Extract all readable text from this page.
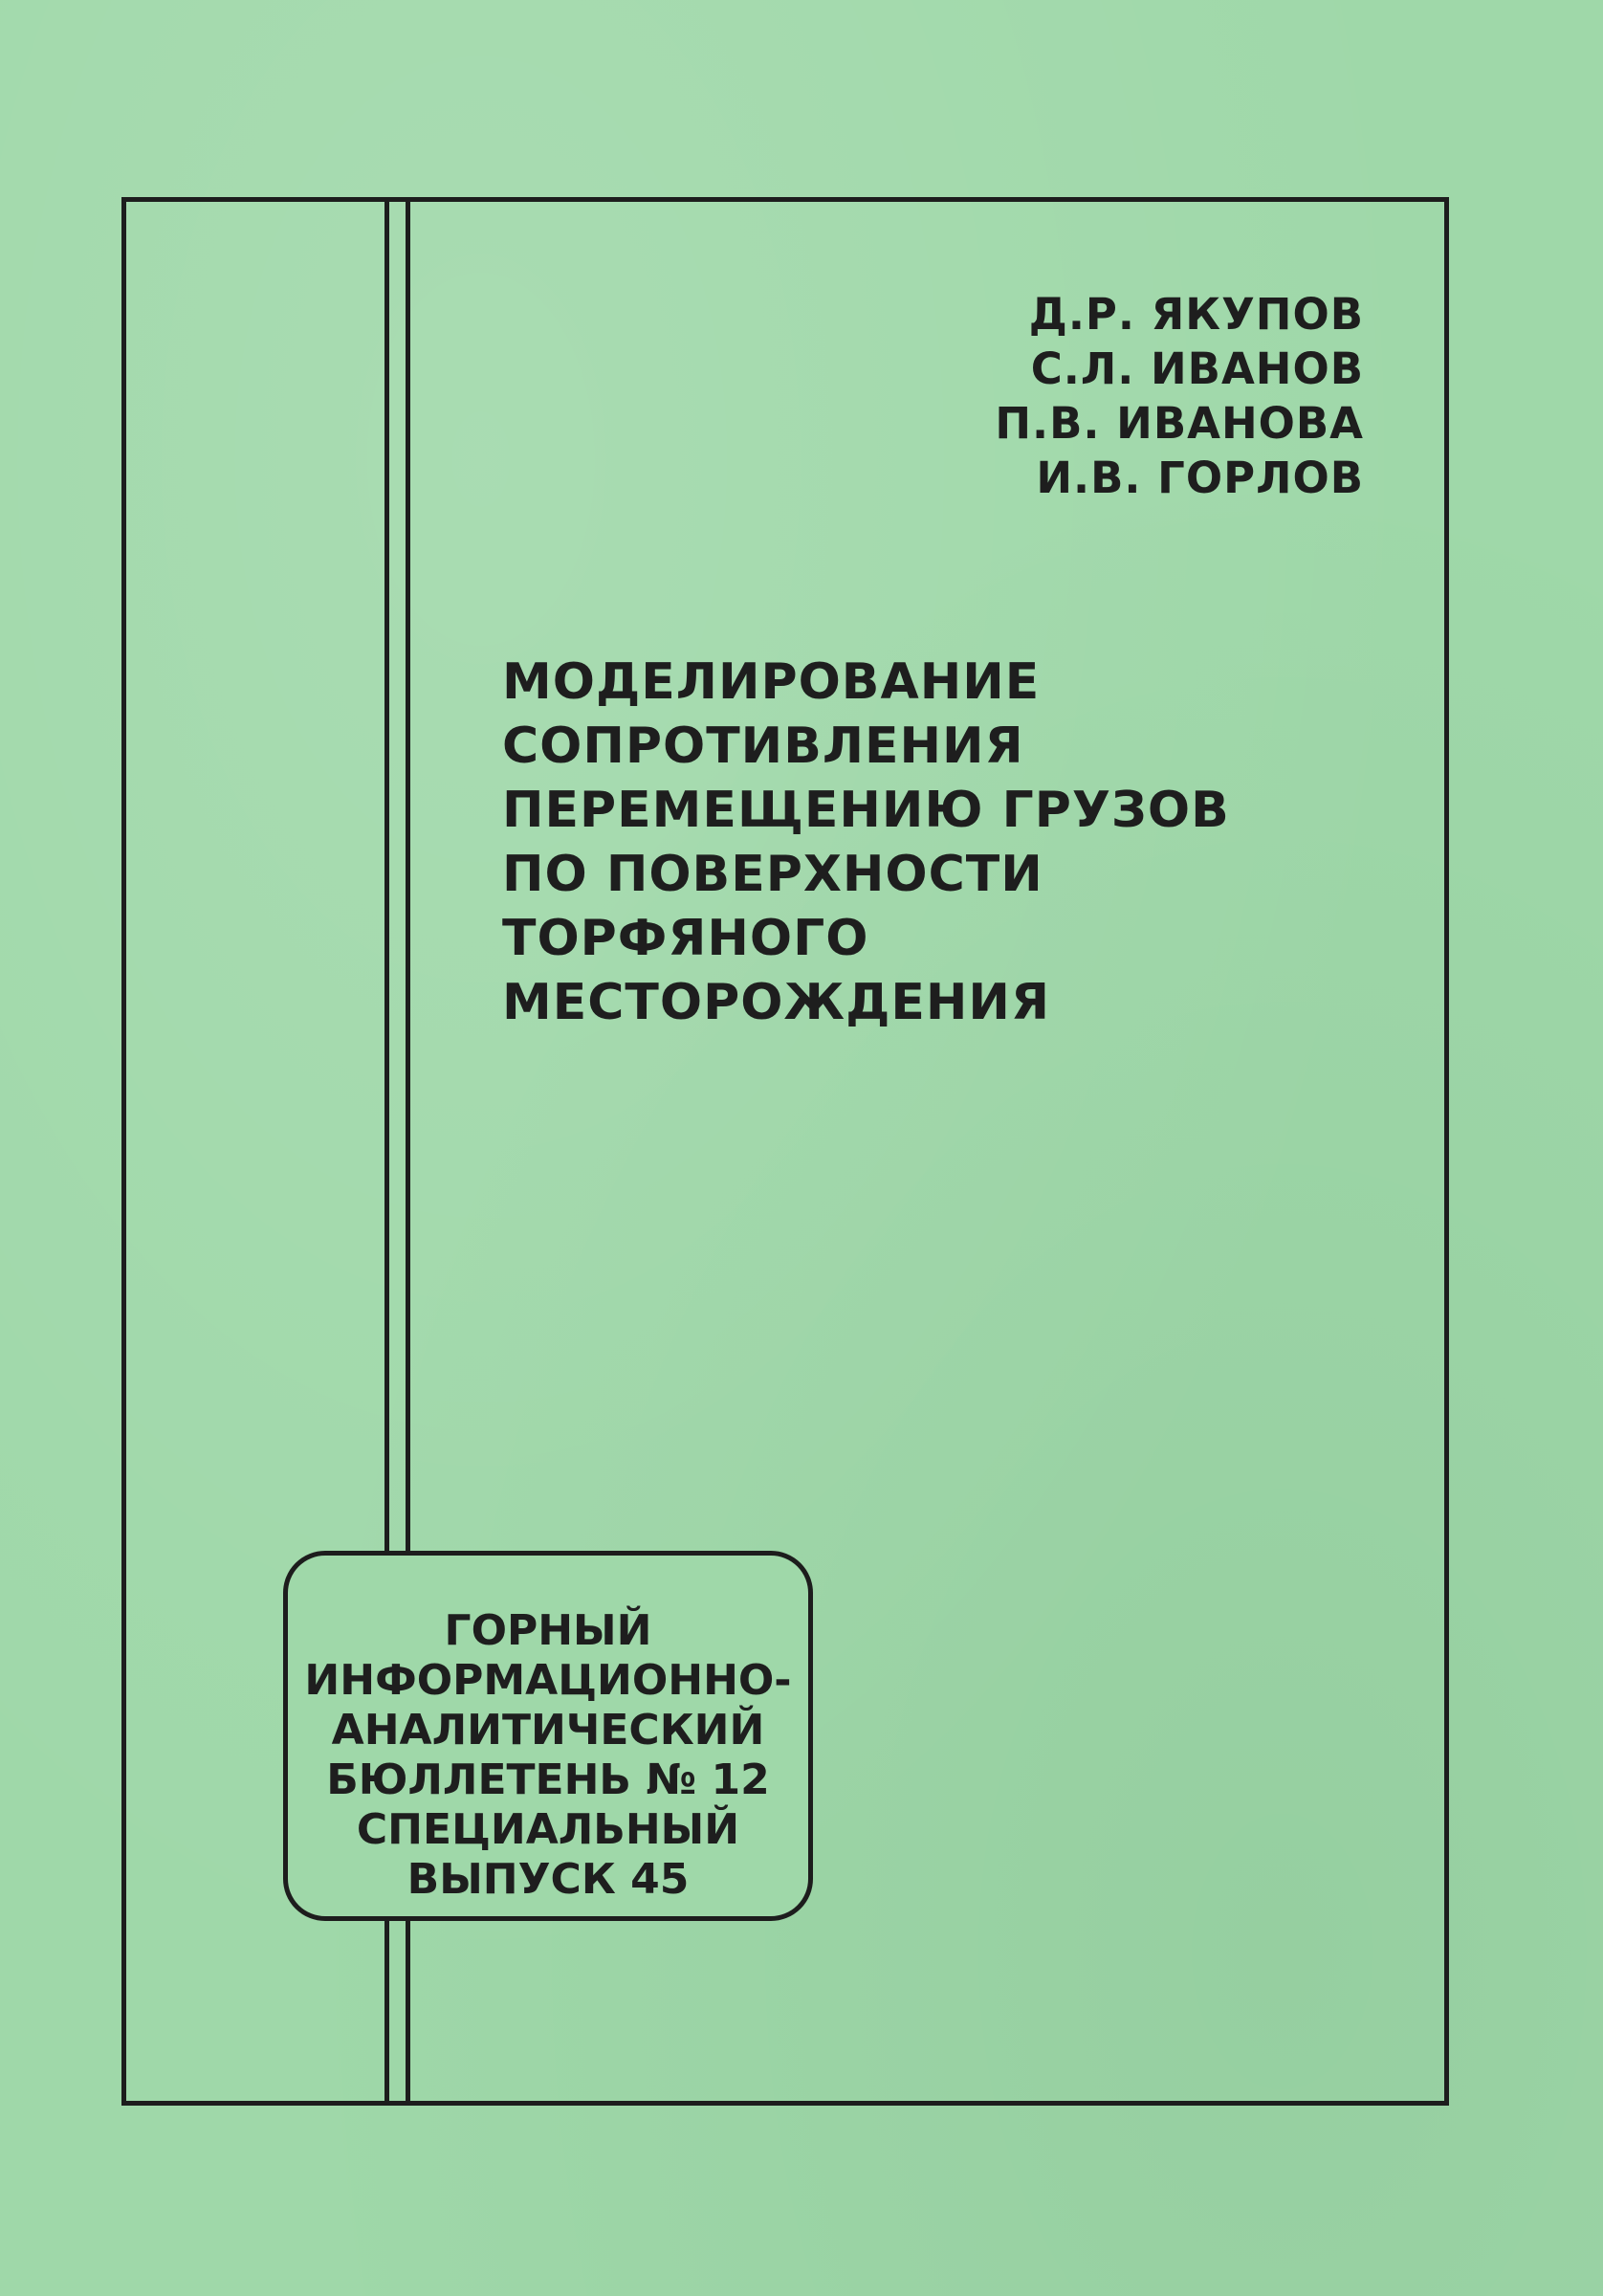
Д.Р. ЯКУПОВ
С.Л. ИВАНОВ
П.В. ИВАНОВА
И.В. ГОРЛОВ
МОДЕЛИРОВАНИЕ
СОПРОТИВЛЕНИЯ
ПЕРЕМЕЩЕНИЮ ГРУЗОВ
ПО ПОВЕРХНОСТИ
ТОРФЯНОГО
МЕСТОРОЖДЕНИЯ
ГОРНЫЙ
ИНФОРМАЦИОННО-
АНАЛИТИЧЕСКИЙ
БЮЛЛЕТЕНЬ № 12
СПЕЦИАЛЬНЫЙ
ВЫПУСК 45
